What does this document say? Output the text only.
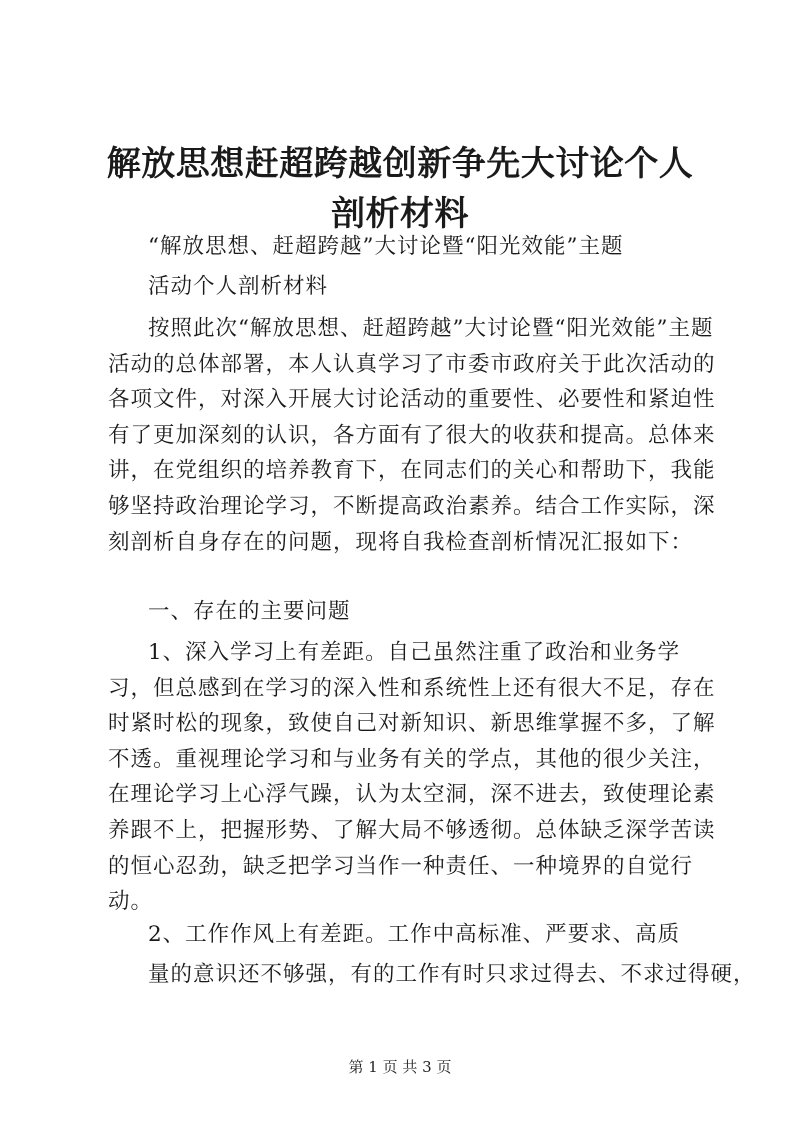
解放思想赶超跨越创新争先大讨论个人剖析材料
“解放思想、赶超跨越”大讨论暨“阳光效能”主题
活动个人剖析材料
按照此次“解放思想、赶超跨越”大讨论暨“阳光效能”主题活动的总体部署，本人认真学习了市委市政府关于此次活动的各项文件，对深入开展大讨论活动的重要性、必要性和紧迫性有了更加深刻的认识，各方面有了很大的收获和提高。总体来讲，在党组织的培养教育下，在同志们的关心和帮助下，我能够坚持政治理论学习，不断提高政治素养。结合工作实际，深刻剖析自身存在的问题，现将自我检查剖析情况汇报如下：
一、存在的主要问题
1、深入学习上有差距。自己虽然注重了政治和业务学习，但总感到在学习的深入性和系统性上还有很大不足，存在时紧时松的现象，致使自己对新知识、新思维掌握不多，了解不透。重视理论学习和与业务有关的学点，其他的很少关注，在理论学习上心浮气躁，认为太空洞，深不进去，致使理论素养跟不上，把握形势、了解大局不够透彻。总体缺乏深学苦读的恒心忍劲，缺乏把学习当作一种责任、一种境界的自觉行动。
2、工作作风上有差距。工作中高标准、严要求、高质
量的意识还不够强，有的工作有时只求过得去、不求过得硬，
第 1 页 共 3 页
